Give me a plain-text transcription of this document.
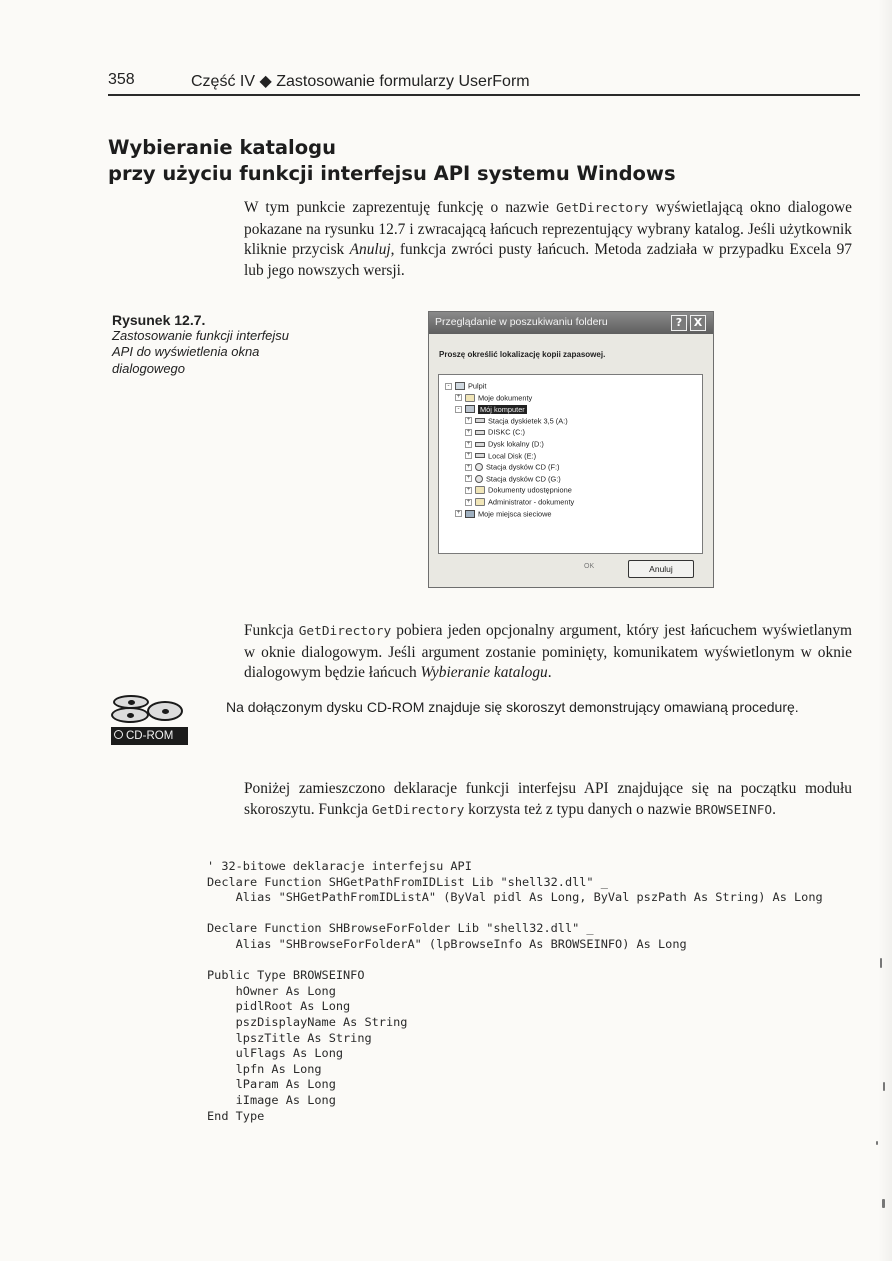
358	Część IV ◆ Zastosowanie formularzy UserForm
Wybieranie katalogu
przy użyciu funkcji interfejsu API systemu Windows

W tym punkcie zaprezentuję funkcję o nazwie GetDirectory wyświetlającą okno dialogowe pokazane na rysunku 12.7 i zwracającą łańcuch reprezentujący wybrany katalog. Jeśli użytkownik kliknie przycisk Anuluj, funkcja zwróci pusty łańcuch. Metoda zadziała w przypadku Excela 97 lub jego nowszych wersji.

Rysunek 12.7.
Zastosowanie funkcji interfejsu API do wyświetlenia okna dialogowego
Przeglądanie w poszukiwaniu folderu	?	X
Proszę określić lokalizację kopii zapasowej.
-	Pulpit
+ Moje dokumenty
-	Mój komputer
+ Stacja dyskietek 3,5 (A:)
+ DISKC (C:)
+ Dysk lokalny (D:)
+ Local Disk (E:)
+ Stacja dysków CD (F:)
+ Stacja dysków CD (G:)
+ Dokumenty udostępnione
+ Administrator - dokumenty
+ Moje miejsca sieciowe
OK	Anuluj

Funkcja GetDirectory pobiera jeden opcjonalny argument, który jest łańcuchem wyświetlanym w oknie dialogowym. Jeśli argument zostanie pominięty, komunikatem wyświetlonym w oknie dialogowym będzie łańcuch Wybieranie katalogu.

CD-ROM
Na dołączonym dysku CD-ROM znajduje się skoroszyt demonstrujący omawianą procedurę.

Poniżej zamieszczono deklaracje funkcji interfejsu API znajdujące się na początku modułu skoroszytu. Funkcja GetDirectory korzysta też z typu danych o nazwie BROWSEINFO.

' 32-bitowe deklaracje interfejsu API
Declare Function SHGetPathFromIDList Lib "shell32.dll" _
Alias "SHGetPathFromIDListA" (ByVal pidl As Long, ByVal pszPath As String) As Long
Declare Function SHBrowseForFolder Lib "shell32.dll" _
Alias "SHBrowseForFolderA" (lpBrowseInfo As BROWSEINFO) As Long
Public Type BROWSEINFO
hOwner As Long
pidlRoot As Long
pszDisplayName As String
lpszTitle As String
ulFlags As Long
lpfn As Long
lParam As Long
iImage As Long
End Type
